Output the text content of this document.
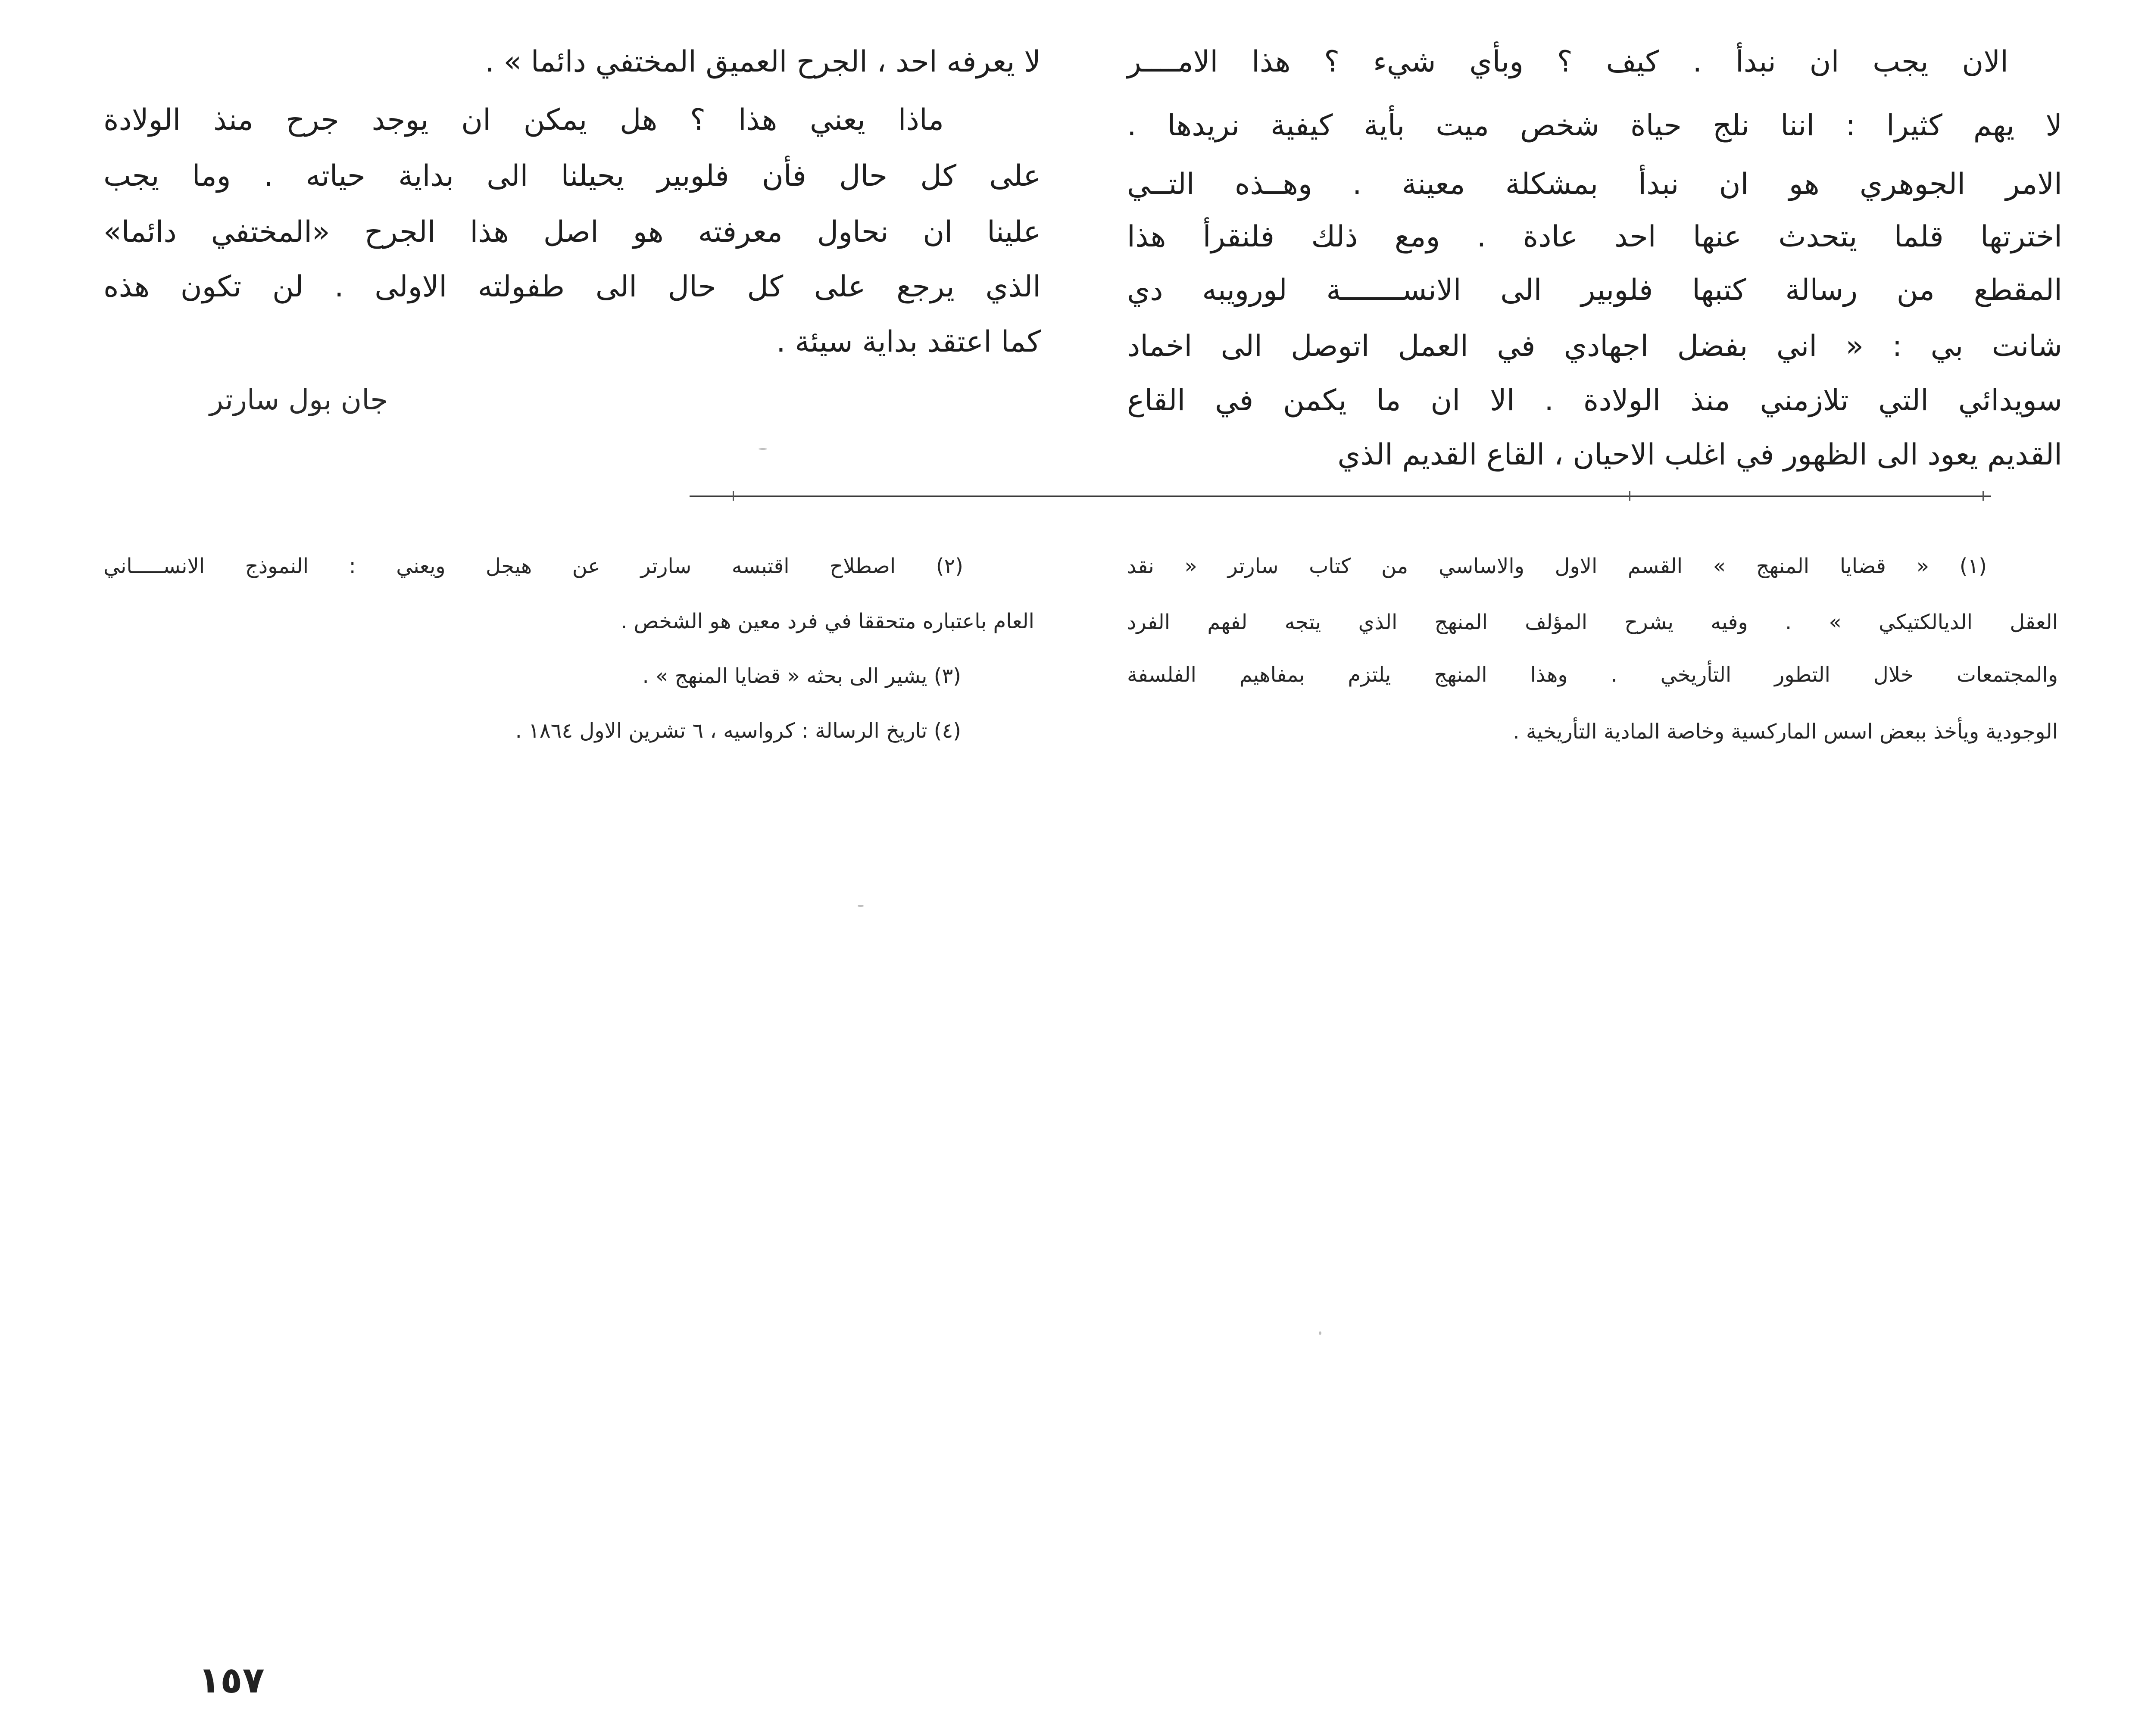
الان يجب ان نبدأ . كيف ؟ وبأي شيء ؟ هذا الامــــر
لا يهم كثيرا : اننا نلج حياة شخص ميت بأية كيفية نريدها .
الامر الجوهري هو ان نبدأ بمشكلة معينة . وهــذه التــي
اخترتها قلما يتحدث عنها احد عادة . ومع ذلك فلنقرأ هذا
المقطع من رسالة كتبها فلوبير الى الانســـــــة لورويبه دي
شانت بي : « اني بفضل اجهادي في العمل اتوصل الى اخماد
سويدائي التي تلازمني منذ الولادة . الا ان ما يكمن في القاع
القديم يعود الى الظهور في اغلب الاحيان ، القاع القديم الذي
لا يعرفه احد ، الجرح العميق المختفي دائما » .
ماذا يعني هذا ؟ هل يمكن ان يوجد جرح منذ الولادة
على كل حال فأن فلوبير يحيلنا الى بداية حياته . وما يجب
علينا ان نحاول معرفته هو اصل هذا الجرح «المختفي دائما»
الذي يرجع على كل حال الى طفولته الاولى . لن تكون هذه
كما اعتقد بداية سيئة .
جان بول سارتر
(١) « قضايا المنهج » القسم الاول والاساسي من كتاب سارتر « نقد
العقل الديالكتيكي » . وفيه يشرح المؤلف المنهج الذي يتجه لفهم الفرد
والمجتمعات خلال التطور التأريخي . وهذا المنهج يلتزم بمفاهيم الفلسفة
الوجودية ويأخذ ببعض اسس الماركسية وخاصة المادية التأريخية .
(٢) اصطلاح اقتبسه سارتر عن هيجل ويعني : النموذج الانســـــاني
العام باعتباره متحققا في فرد معين هو الشخص .
(٣) يشير الى بحثه « قضايا المنهج » .
(٤) تاريخ الرسالة : كرواسيه ، ٦ تشرين الاول ١٨٦٤ .
١٥٧
